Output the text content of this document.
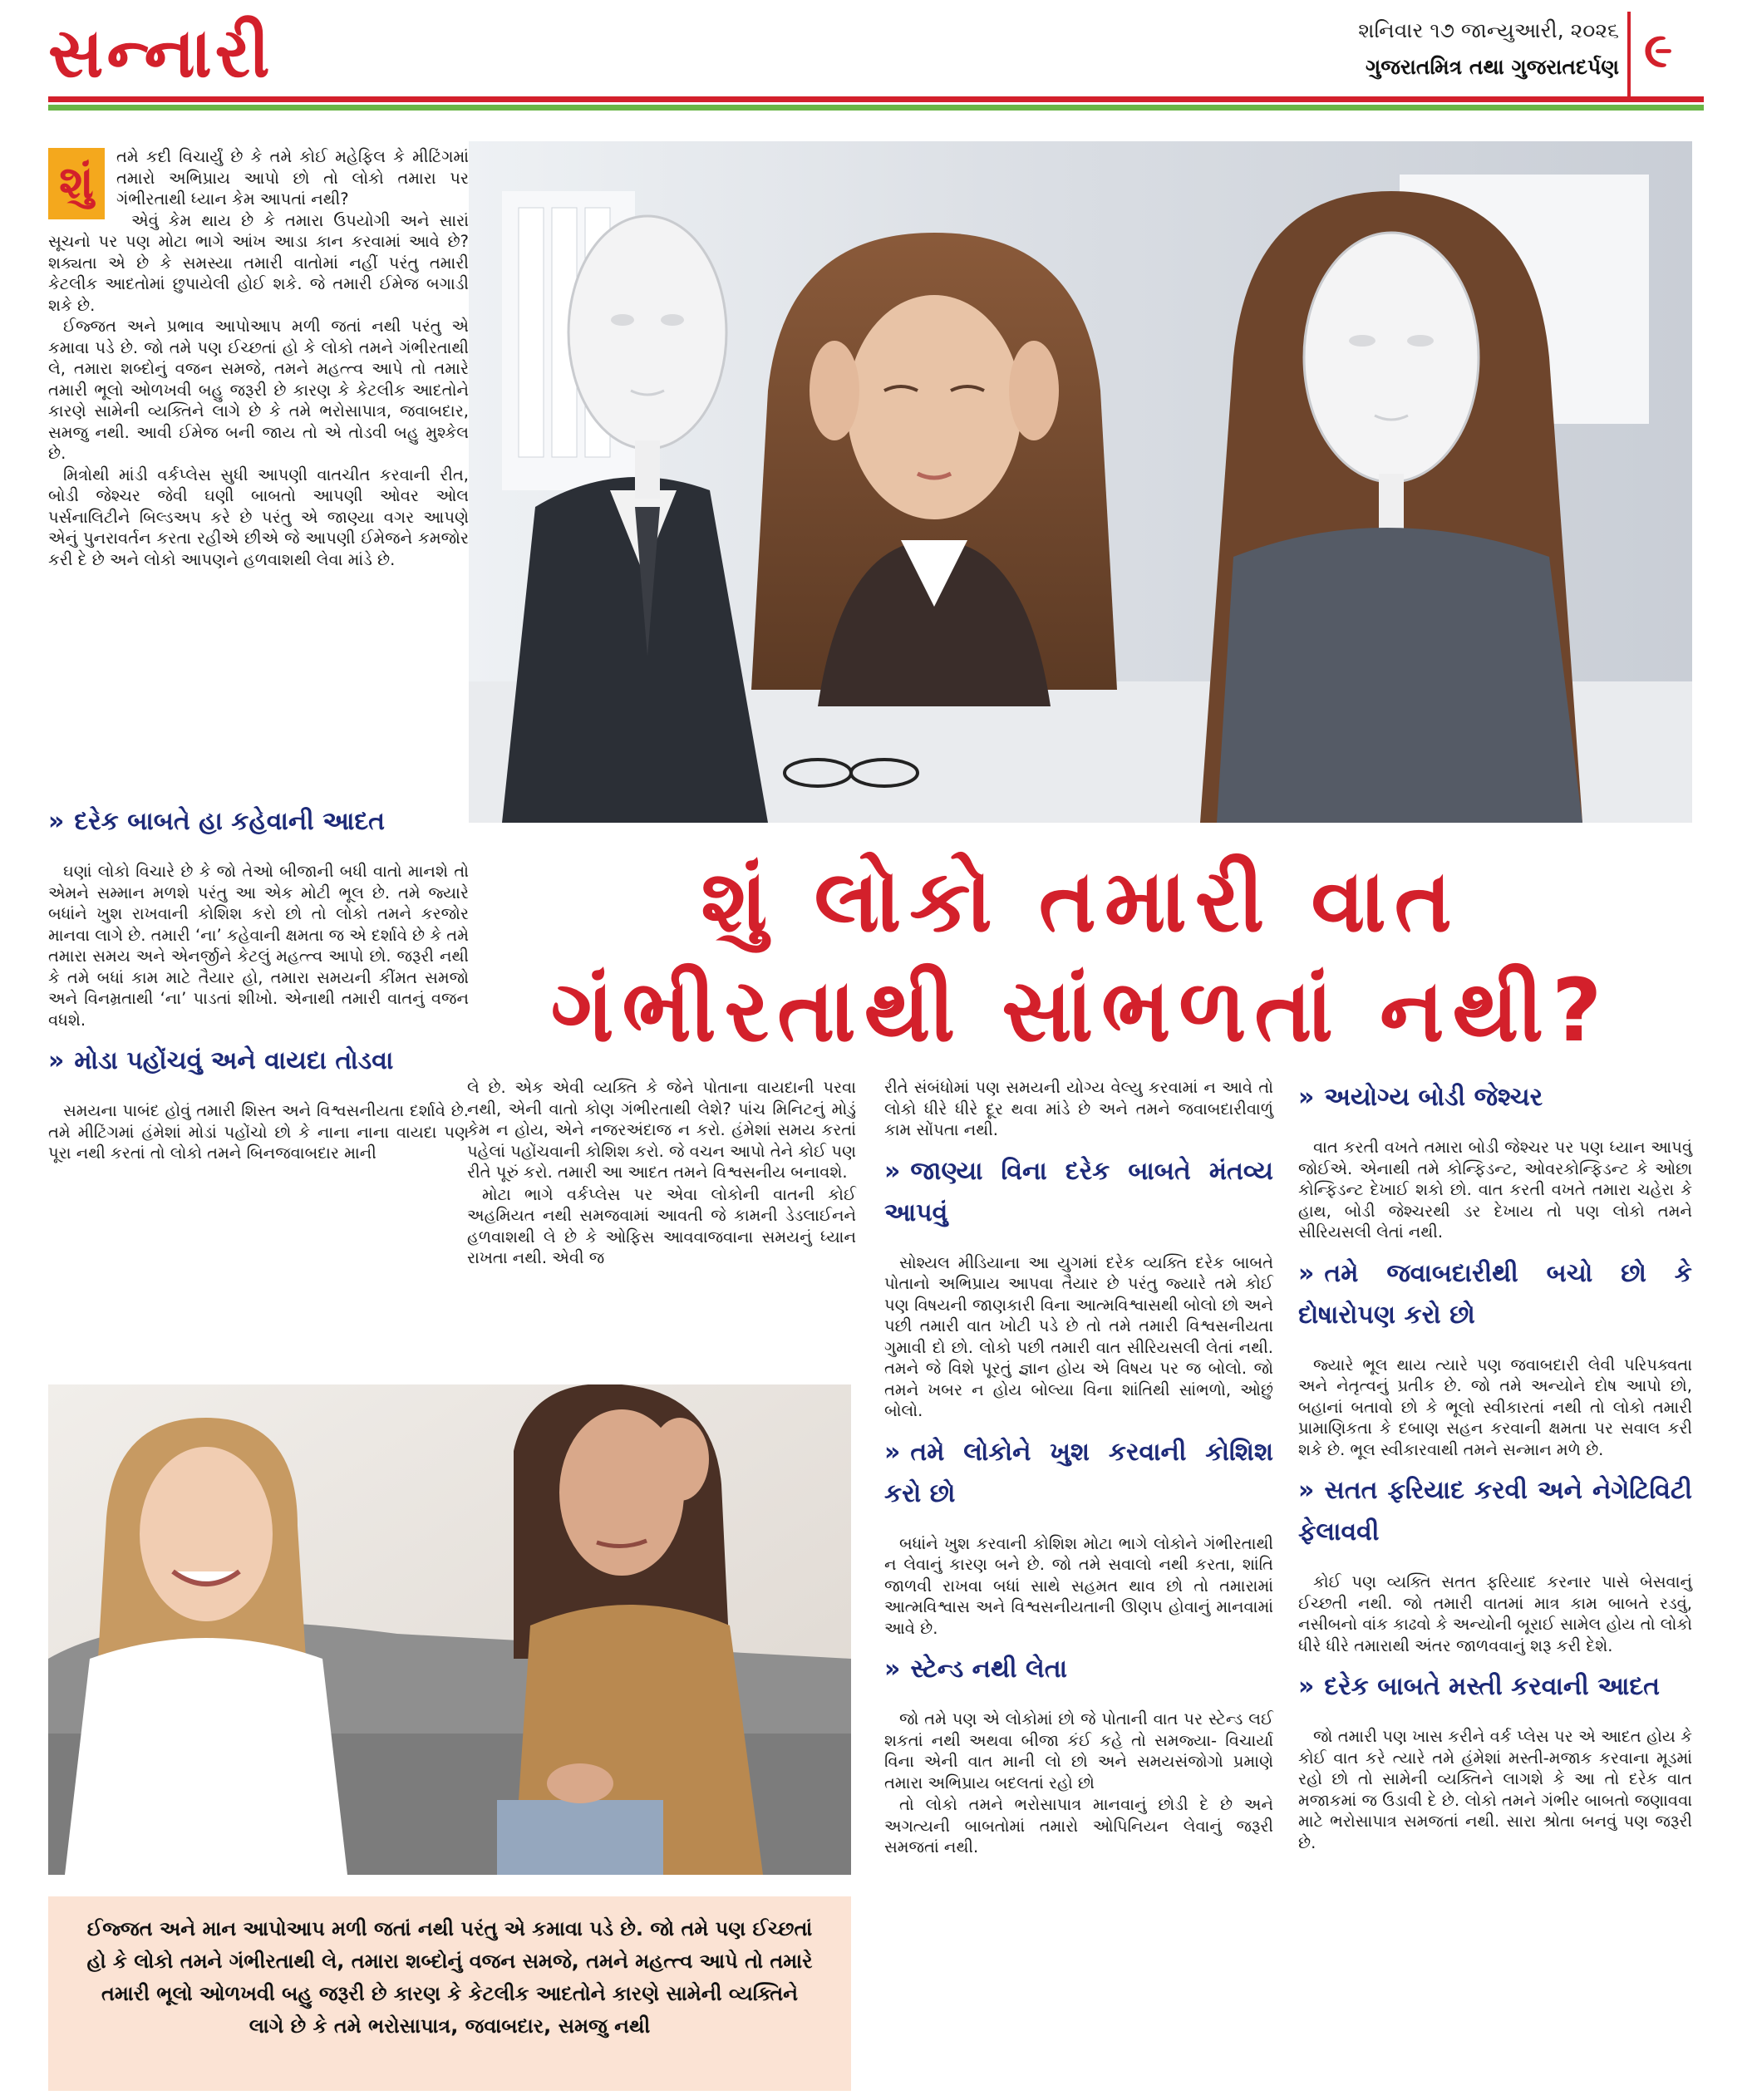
સન્નારી	શનિવાર ૧૭ જાન્યુઆરી, ૨૦૨૬
ગુજરાતમિત્ર તથા ગુજરાતદર્પણ ૯
શું	તમે કદી વિચાર્યું છે કે તમે કોઈ મહેફિલ કે મીટિંગમાં તમારો અભિપ્રાય આપો છો તો લોકો તમારા પર ગંભીરતાથી ધ્યાન કેમ આપતાં નથી?

એવું કેમ થાય છે કે તમારા ઉપયોગી અને સારાં સૂચનો પર પણ મોટા ભાગે આંખ આડા કાન કરવામાં આવે છે? શક્યતા એ છે કે સમસ્યા તમારી વાતોમાં નહીં પરંતુ તમારી કેટલીક આદતોમાં છુપાયેલી હોઈ શકે. જે તમારી ઈમેજ બગાડી શકે છે.

ઈજ્જત અને પ્રભાવ આપોઆપ મળી જતાં નથી પરંતુ એ કમાવા પડે છે. જો તમે પણ ઈચ્છતાં હો કે લોકો તમને ગંભીરતાથી લે, તમારા શબ્દોનું વજન સમજે, તમને મહત્ત્વ આપે તો તમારે તમારી ભૂલો ઓળખવી બહુ જરૂરી છે કારણ કે કેટલીક આદતોને કારણે સામેની વ્યક્તિને લાગે છે કે તમે ભરોસાપાત્ર, જવાબદાર, સમજુ નથી. આવી ઈમેજ બની જાય તો એ તોડવી બહુ મુશ્કેલ છે.

મિત્રોથી માંડી વર્કપ્લેસ સુધી આપણી વાતચીત કરવાની રીત, બોડી જેશ્ચર જેવી ઘણી બાબતો આપણી ઓવર ઓલ પર્સનાલિટીને બિલ્ડઅપ કરે છે પરંતુ એ જાણ્યા વગર આપણે એનું પુનરાવર્તન કરતા રહીએ છીએ જે આપણી ઈમેજને કમજોર કરી દે છે અને લોકો આપણને હળવાશથી લેવા માંડે છે.

શું લોકો તમારી વાત
ગંભીરતાથી સાંભળતાં નથી?
» દરેક બાબતે હા કહેવાની આદત

ઘણાં લોકો વિચારે છે કે જો તેઓ બીજાની બધી વાતો માનશે તો એમને સમ્માન મળશે પરંતુ આ એક મોટી ભૂલ છે. તમે જ્યારે બધાંને ખુશ રાખવાની કોશિશ કરો છો તો લોકો તમને કરજોર માનવા લાગે છે. તમારી ‘ના’ કહેવાની ક્ષમતા જ એ દર્શાવે છે કે તમે તમારા સમય અને એનર્જીને કેટલું મહત્ત્વ આપો છો. જરૂરી નથી કે તમે બધાં કામ માટે તૈયાર હો, તમારા સમયની કીંમત સમજો અને વિનમ્રતાથી ‘ના’ પાડતાં શીખો. એનાથી તમારી વાતનું વજન વધશે.

» મોડા પહોંચવું અને વાયદા તોડવા

સમયના પાબંદ હોવું તમારી શિસ્ત અને વિશ્વસનીયતા દર્શાવે છે. તમે મીટિંગમાં હંમેશાં મોડાં પહોંચો છો કે નાના નાના વાયદા પણ પૂરા નથી કરતાં તો લોકો તમને બિનજવાબદાર માની

લે છે. એક એવી વ્યક્તિ કે જેને પોતાના વાયદાની પરવા નથી, એની વાતો કોણ ગંભીરતાથી લેશે? પાંચ મિનિટનું મોડું કેમ ન હોય, એને નજરઅંદાજ ન કરો. હંમેશાં સમય કરતાં પહેલાં પહોંચવાની કોશિશ કરો. જે વચન આપો તેને કોઈ પણ રીતે પૂરું કરો. તમારી આ આદત તમને વિશ્વસનીય બનાવશે.

મોટા ભાગે વર્કપ્લેસ પર એવા લોકોની વાતની કોઈ અહમિયત નથી સમજવામાં આવતી જે કામની ડેડલાઈનને હળવાશથી લે છે કે ઓફિસ આવવાજવાના સમયનું ધ્યાન રાખતા નથી. એવી જ

રીતે સંબંધોમાં પણ સમયની યોગ્ય વેલ્યુ કરવામાં ન આવે તો લોકો ધીરે ધીરે દૂર થવા માંડે છે અને તમને જવાબદારીવાળું કામ સોંપતા નથી.

» જાણ્યા વિના દરેક બાબતે મંતવ્ય આપવું

સોશ્યલ મીડિયાના આ યુગમાં દરેક વ્યક્તિ દરેક બાબતે પોતાનો અભિપ્રાય આપવા તૈયાર છે પરંતુ જ્યારે તમે કોઈ પણ વિષયની જાણકારી વિના આત્મવિશ્વાસથી બોલો છો અને પછી તમારી વાત ખોટી પડે છે તો તમે તમારી વિશ્વસનીયતા ગુમાવી દો છો. લોકો પછી તમારી વાત સીરિયસલી લેતાં નથી. તમને જે વિશે પૂરતું જ્ઞાન હોય એ વિષય પર જ બોલો. જો તમને ખબર ન હોય બોલ્યા વિના શાંતિથી સાંભળો, ઓછું બોલો.

» તમે લોકોને ખુશ કરવાની કોશિશ કરો છો

બધાંને ખુશ કરવાની કોશિશ મોટા ભાગે લોકોને ગંભીરતાથી ન લેવાનું કારણ બને છે. જો તમે સવાલો નથી કરતા, શાંતિ જાળવી રાખવા બધાં સાથે સહમત થાવ છો તો તમારામાં આત્મવિશ્વાસ અને વિશ્વસનીયતાની ઊણપ હોવાનું માનવામાં આવે છે.

» સ્ટેન્ડ નથી લેતા

જો તમે પણ એ લોકોમાં છો જે પોતાની વાત પર સ્ટેન્ડ લઈ શકતાં નથી અથવા બીજા કંઈ કહે તો સમજ્યા- વિચાર્યા વિના એની વાત માની લો છો અને સમયસંજોગો પ્રમાણે તમારા અભિપ્રાય બદલતાં રહો છો

તો લોકો તમને ભરોસાપાત્ર માનવાનું છોડી દે છે અને અગત્યની બાબતોમાં તમારો ઓપિનિયન લેવાનું જરૂરી સમજતાં નથી.

» અયોગ્ય બોડી જેશ્ચર

વાત કરતી વખતે તમારા બોડી જેશ્ચર પર પણ ધ્યાન આપવું જોઈએ. એનાથી તમે કોન્ફિડન્ટ, ઓવરકોન્ફિડન્ટ કે ઓછા કોન્ફિડન્ટ દેખાઈ શકો છો. વાત કરતી વખતે તમારા ચહેરા કે હાથ, બોડી જેશ્ચરથી ડર દેખાય તો પણ લોકો તમને સીરિયસલી લેતાં નથી.

» તમે જવાબદારીથી બચો છો કે દોષારોપણ કરો છો

જ્યારે ભૂલ થાય ત્યારે પણ જવાબદારી લેવી પરિપક્વતા અને નેતૃત્વનું પ્રતીક છે. જો તમે અન્યોને દોષ આપો છો, બહાનાં બતાવો છો કે ભૂલો સ્વીકારતાં નથી તો લોકો તમારી પ્રામાણિકતા કે દબાણ સહન કરવાની ક્ષમતા પર સવાલ કરી શકે છે. ભૂલ સ્વીકારવાથી તમને સન્માન મળે છે.

» સતત ફરિયાદ કરવી અને નેગેટિવિટી ફેલાવવી

કોઈ પણ વ્યક્તિ સતત ફરિયાદ કરનાર પાસે બેસવાનું ઈચ્છતી નથી. જો તમારી વાતમાં માત્ર કામ બાબતે રડવું, નસીબનો વાંક કાઢવો કે અન્યોની બૂરાઈ સામેલ હોય તો લોકો ધીરે ધીરે તમારાથી અંતર જાળવવાનું શરૂ કરી દેશે.

» દરેક બાબતે મસ્તી કરવાની આદત

જો તમારી પણ ખાસ કરીને વર્ક પ્લેસ પર એ આદત હોય કે કોઈ વાત કરે ત્યારે તમે હંમેશાં મસ્તી-મજાક કરવાના મૂડમાં રહો છો તો સામેની વ્યક્તિને લાગશે કે આ તો દરેક વાત મજાકમાં જ ઉડાવી દે છે. લોકો તમને ગંભીર બાબતો જણાવવા માટે ભરોસાપાત્ર સમજતાં નથી. સારા શ્રોતા બનવું પણ જરૂરી છે.

ઈજ્જત અને માન આપોઆપ મળી જતાં નથી પરંતુ એ કમાવા પડે છે. જો તમે પણ ઈચ્છતાં હો કે લોકો તમને ગંભીરતાથી લે, તમારા શબ્દોનું વજન સમજે, તમને મહત્ત્વ આપે તો તમારે તમારી ભૂલો ઓળખવી બહુ જરૂરી છે કારણ કે કેટલીક આદતોને કારણે સામેની વ્યક્તિને લાગે છે કે તમે ભરોસાપાત્ર, જવાબદાર, સમજુ નથી
